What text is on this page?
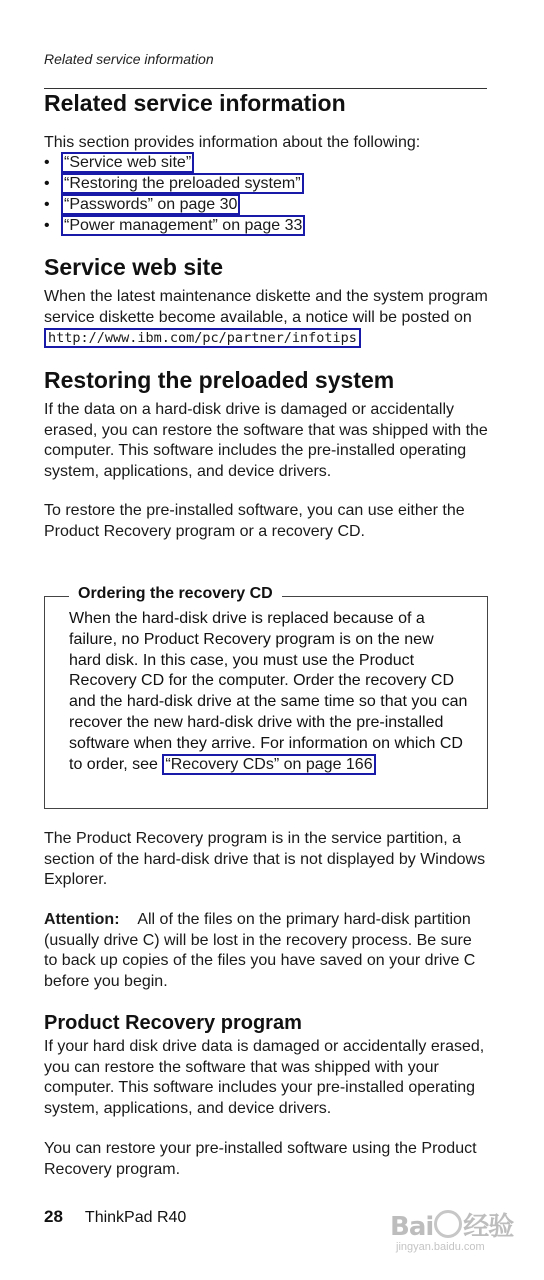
Related service information
Related service information
This section provides information about the following:
• “Service web site”
• “Restoring the preloaded system”
• “Passwords” on page 30
• “Power management” on page 33
Service web site
When the latest maintenance diskette and the system program service diskette become available, a notice will be posted on http://www.ibm.com/pc/partner/infotips
Restoring the preloaded system
If the data on a hard-disk drive is damaged or accidentally erased, you can restore the software that was shipped with the computer. This software includes the pre-installed operating system, applications, and device drivers.
To restore the pre-installed software, you can use either the Product Recovery program or a recovery CD.
Ordering the recovery CD
When the hard-disk drive is replaced because of a failure, no Product Recovery program is on the new hard disk. In this case, you must use the Product Recovery CD for the computer. Order the recovery CD and the hard-disk drive at the same time so that you can recover the new hard-disk drive with the pre-installed software when they arrive. For information on which CD to order, see “Recovery CDs” on page 166
The Product Recovery program is in the service partition, a section of the hard-disk drive that is not displayed by Windows Explorer.
Attention: All of the files on the primary hard-disk partition (usually drive C) will be lost in the recovery process. Be sure to back up copies of the files you have saved on your drive C before you begin.
Product Recovery program
If your hard disk drive data is damaged or accidentally erased, you can restore the software that was shipped with your computer. This software includes your pre-installed operating system, applications, and device drivers.
You can restore your pre-installed software using the Product Recovery program.
28 ThinkPad R40	Bai 经验
jingyan.baidu.com
